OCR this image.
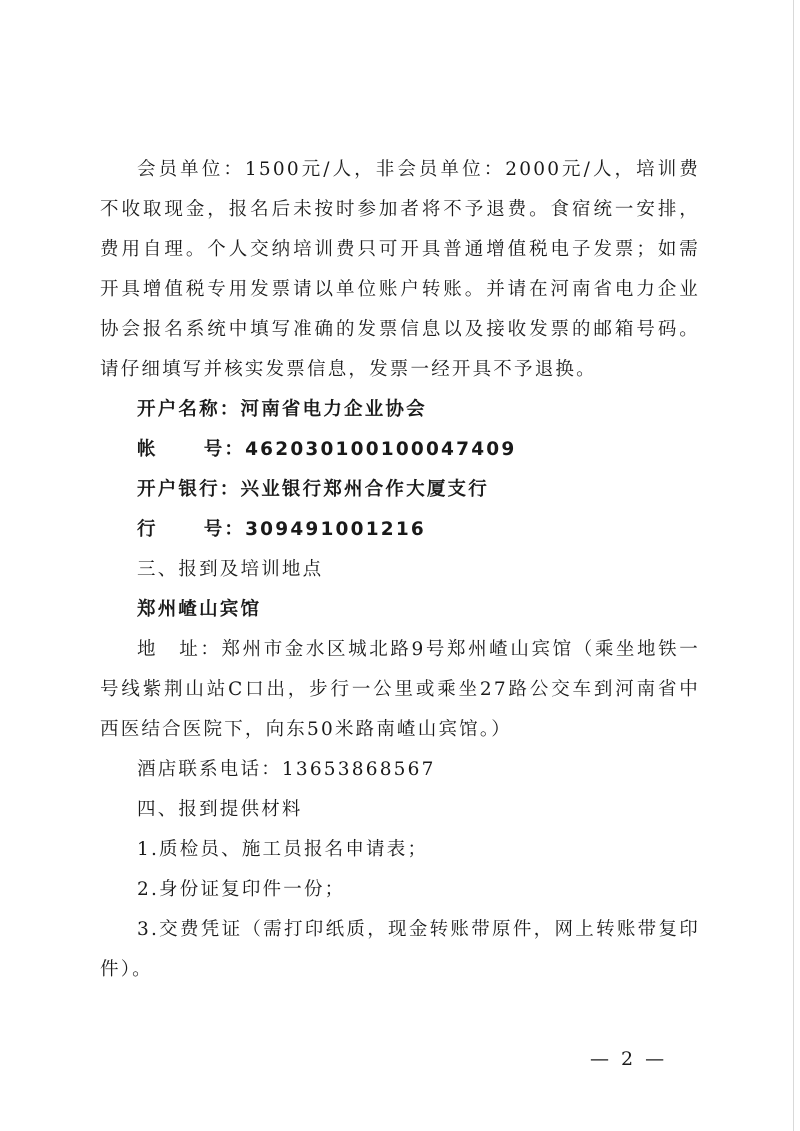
会员单位：1500元/人，非会员单位：2000元/人，培训费不收取现金，报名后未按时参加者将不予退费。食宿统一安排，费用自理。个人交纳培训费只可开具普通增值税电子发票；如需开具增值税专用发票请以单位账户转账。并请在河南省电力企业协会报名系统中填写准确的发票信息以及接收发票的邮箱号码。请仔细填写并核实发票信息，发票一经开具不予退换。

开户名称：河南省电力企业协会

帐 号：462030100100047409

开户银行：兴业银行郑州合作大厦支行

行 号：309491001216

三、报到及培训地点

郑州嵖山宾馆

地　址：郑州市金水区城北路9号郑州嵖山宾馆（乘坐地铁一号线紫荆山站C口出，步行一公里或乘坐27路公交车到河南省中西医结合医院下，向东50米路南嵖山宾馆。）

酒店联系电话：13653868567

四、报到提供材料

1.质检员、施工员报名申请表；

2.身份证复印件一份；

3.交费凭证（需打印纸质，现金转账带原件，网上转账带复印件）。

— 2 —
